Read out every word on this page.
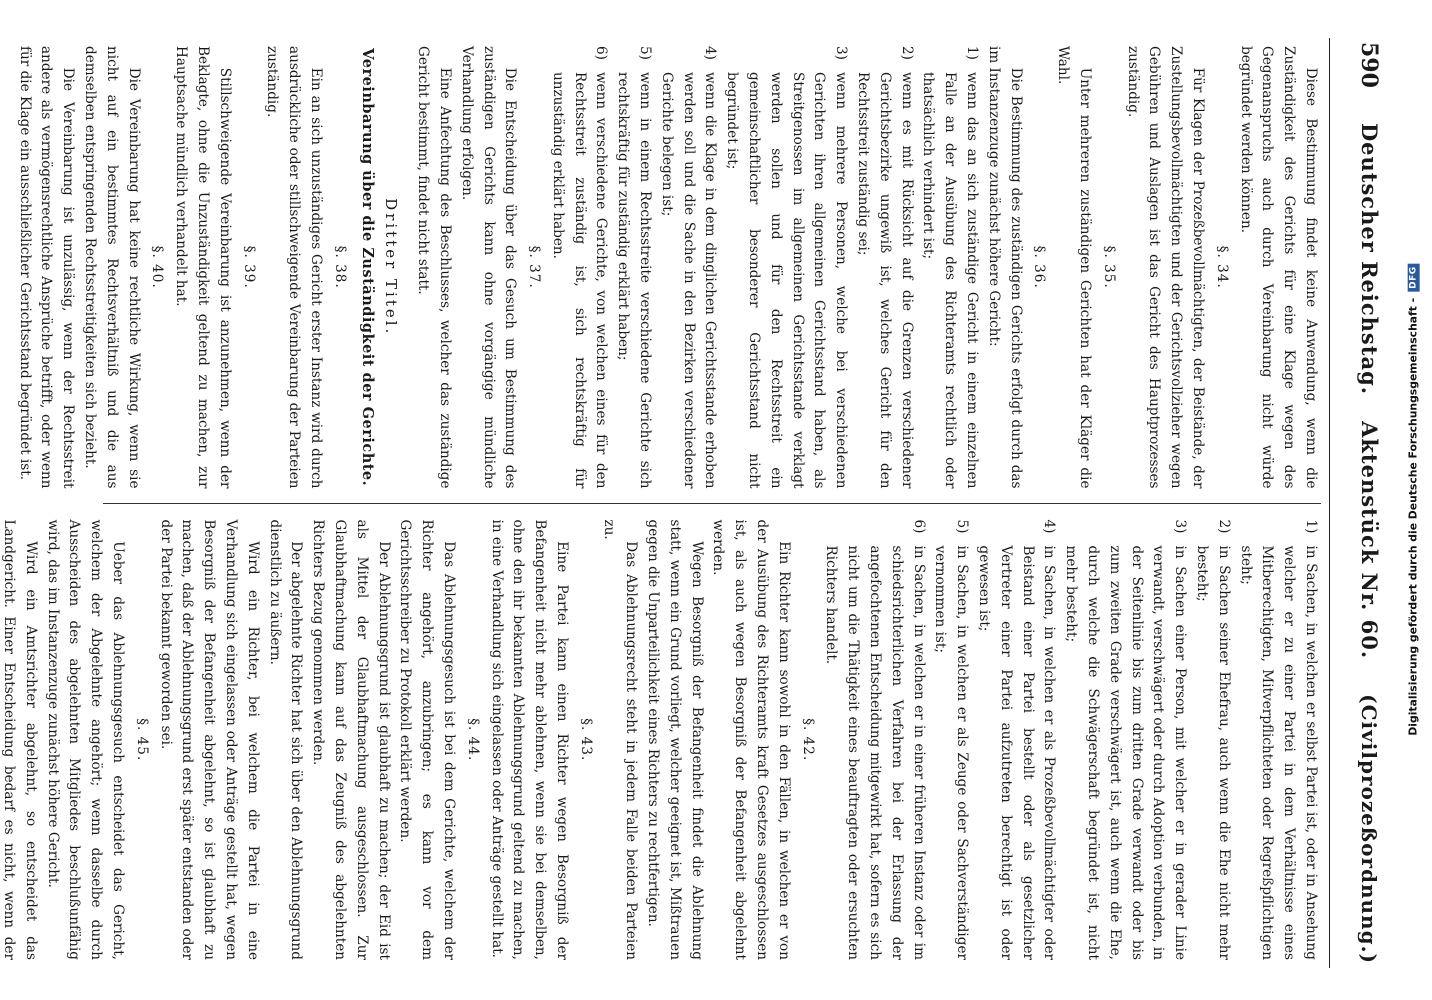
590
Deutscher Reichstag.Aktenstück Nr. 60.
(Civilprozeßordnung.)

Diese Bestimmung findet keine Anwendung, wenn die Zuständigkeit des Gerichts für eine Klage wegen des Gegenanspruchs auch durch Vereinbarung nicht würde begründet werden können.

§. 34.

Für Klagen der Prozeßbevollmächtigten, der Beistände, der Zustellungsbevollmächtigten und der Gerichtsvollzieher wegen Gebühren und Auslagen ist das Gericht des Hauptprozesses zuständig.

§. 35.

Unter mehreren zuständigen Gerichten hat der Kläger die Wahl.

§. 36.

Die Bestimmung des zuständigen Gerichts erfolgt durch das im Instanzenzuge zunächst höhere Gericht:

1)
wenn das an sich zuständige Gericht in einem einzelnen Falle an der Ausübung des Richteramts rechtlich oder thatsächlich verhindert ist;
2)
wenn es mit Rücksicht auf die Grenzen verschiedener Gerichtsbezirke ungewiß ist, welches Gericht für den Rechtsstreit zuständig sei;
3)
wenn mehrere Personen, welche bei verschiedenen Gerichten ihren allgemeinen Gerichtsstand haben, als Streitgenossen im allgemeinen Gerichtsstande verklagt werden sollen und für den Rechtsstreit ein gemeinschaftlicher besonderer Gerichtsstand nicht begründet ist;
4)
wenn die Klage in dem dinglichen Gerichtsstande erhoben werden soll und die Sache in den Bezirken verschiedener Gerichte belegen ist;
5)
wenn in einem Rechtsstreite verschiedene Gerichte sich rechtskräftig für zuständig erklärt haben;
6)
wenn verschiedene Gerichte, von welchen eines für den Rechtsstreit zuständig ist, sich rechtskräftig für unzuständig erklärt haben.
§. 37.

Die Entscheidung über das Gesuch um Bestimmung des zuständigen Gerichts kann ohne vorgängige mündliche Verhandlung erfolgen.

Eine Anfechtung des Beschlusses, welcher das zuständige Gericht bestimmt, findet nicht statt.

Dritter Titel.
Vereinbarung über die Zuständigkeit der Gerichte.
§. 38.

Ein an sich unzuständiges Gericht erster Instanz wird durch ausdrückliche oder stillschweigende Vereinbarung der Parteien zuständig.

§. 39.

Stillschweigende Vereinbarung ist anzunehmen, wenn der Beklagte, ohne die Unzuständigkeit geltend zu machen, zur Hauptsache mündlich verhandelt hat.

§. 40.

Die Vereinbarung hat keine rechtliche Wirkung, wenn sie nicht auf ein bestimmtes Rechtsverhältniß und die aus demselben entspringenden Rechtsstreitigkeiten sich bezieht.

Die Vereinbarung ist unzulässig, wenn der Rechtsstreit andere als vermögensrechtliche Ansprüche betrifft, oder wenn für die Klage ein ausschließlicher Gerichtsstand begründet ist.

1)
in Sachen, in welchen er selbst Partei ist, oder in Ansehung welcher er zu einer Partei in dem Verhältnisse eines Mitberechtigten, Mitverpflichteten oder Regreßpflichtigen steht;
2)
in Sachen seiner Ehefrau, auch wenn die Ehe nicht mehr besteht;
3)
in Sachen einer Person, mit welcher er in gerader Linie verwandt, verschwägert oder durch Adoption verbunden, in der Seitenlinie bis zum dritten Grade verwandt oder bis zum zweiten Grade verschwägert ist, auch wenn die Ehe, durch welche die Schwägerschaft begründet ist, nicht mehr besteht;
4)
in Sachen, in welchen er als Prozeßbevollmächtigter oder Beistand einer Partei bestellt oder als gesetzlicher Vertreter einer Partei aufzutreten berechtigt ist oder gewesen ist;
5)
in Sachen, in welchen er als Zeuge oder Sachverständiger vernommen ist;
6)
in Sachen, in welchen er in einer früheren Instanz oder im schiedsrichterlichen Verfahren bei der Erlassung der angefochtenen Entscheidung mitgewirkt hat, sofern es sich nicht um die Thätigkeit eines beauftragten oder ersuchten Richters handelt.
§. 42.

Ein Richter kann sowohl in den Fällen, in welchen er von der Ausübung des Richteramts kraft Gesetzes ausgeschlossen ist, als auch wegen Besorgniß der Befangenheit abgelehnt werden.

Wegen Besorgniß der Befangenheit findet die Ablehnung statt, wenn ein Grund vorliegt, welcher geeignet ist, Mißtrauen gegen die Unparteilichkeit eines Richters zu rechtfertigen.

Das Ablehnungsrecht steht in jedem Falle beiden Parteien zu.

§. 43.

Eine Partei kann einen Richter wegen Besorgniß der Befangenheit nicht mehr ablehnen, wenn sie bei demselben, ohne den ihr bekannten Ablehnungsgrund geltend zu machen, in eine Verhandlung sich eingelassen oder Anträge gestellt hat.

§. 44.

Das Ablehnungsgesuch ist bei dem Gerichte, welchem der Richter angehört, anzubringen; es kann vor dem Gerichtsschreiber zu Protokoll erklärt werden.

Der Ablehnungsgrund ist glaubhaft zu machen; der Eid ist als Mittel der Glaubhaftmachung ausgeschlossen. Zur Glaubhaftmachung kann auf das Zeugniß des abgelehnten Richters Bezug genommen werden.

Der abgelehnte Richter hat sich über den Ablehnungsgrund dienstlich zu äußern.

Wird ein Richter, bei welchem die Partei in eine Verhandlung sich eingelassen oder Anträge gestellt hat, wegen Besorgniß der Befangenheit abgelehnt, so ist glaubhaft zu machen, daß der Ablehnungsgrund erst später entstanden oder der Partei bekannt geworden sei.

§. 45.

Ueber das Ablehnungsgesuch entscheidet das Gericht, welchem der Abgelehnte angehört; wenn dasselbe durch Ausscheiden des abgelehnten Mitgliedes beschlußunfähig wird, das im Instanzenzuge zunächst höhere Gericht.

Wird ein Amtsrichter abgelehnt, so entscheidet das Landgericht. Einer Entscheidung bedarf es nicht, wenn der

Digitalisierung gefördert durch die Deutsche Forschungsgemeinschaft -
DFG
